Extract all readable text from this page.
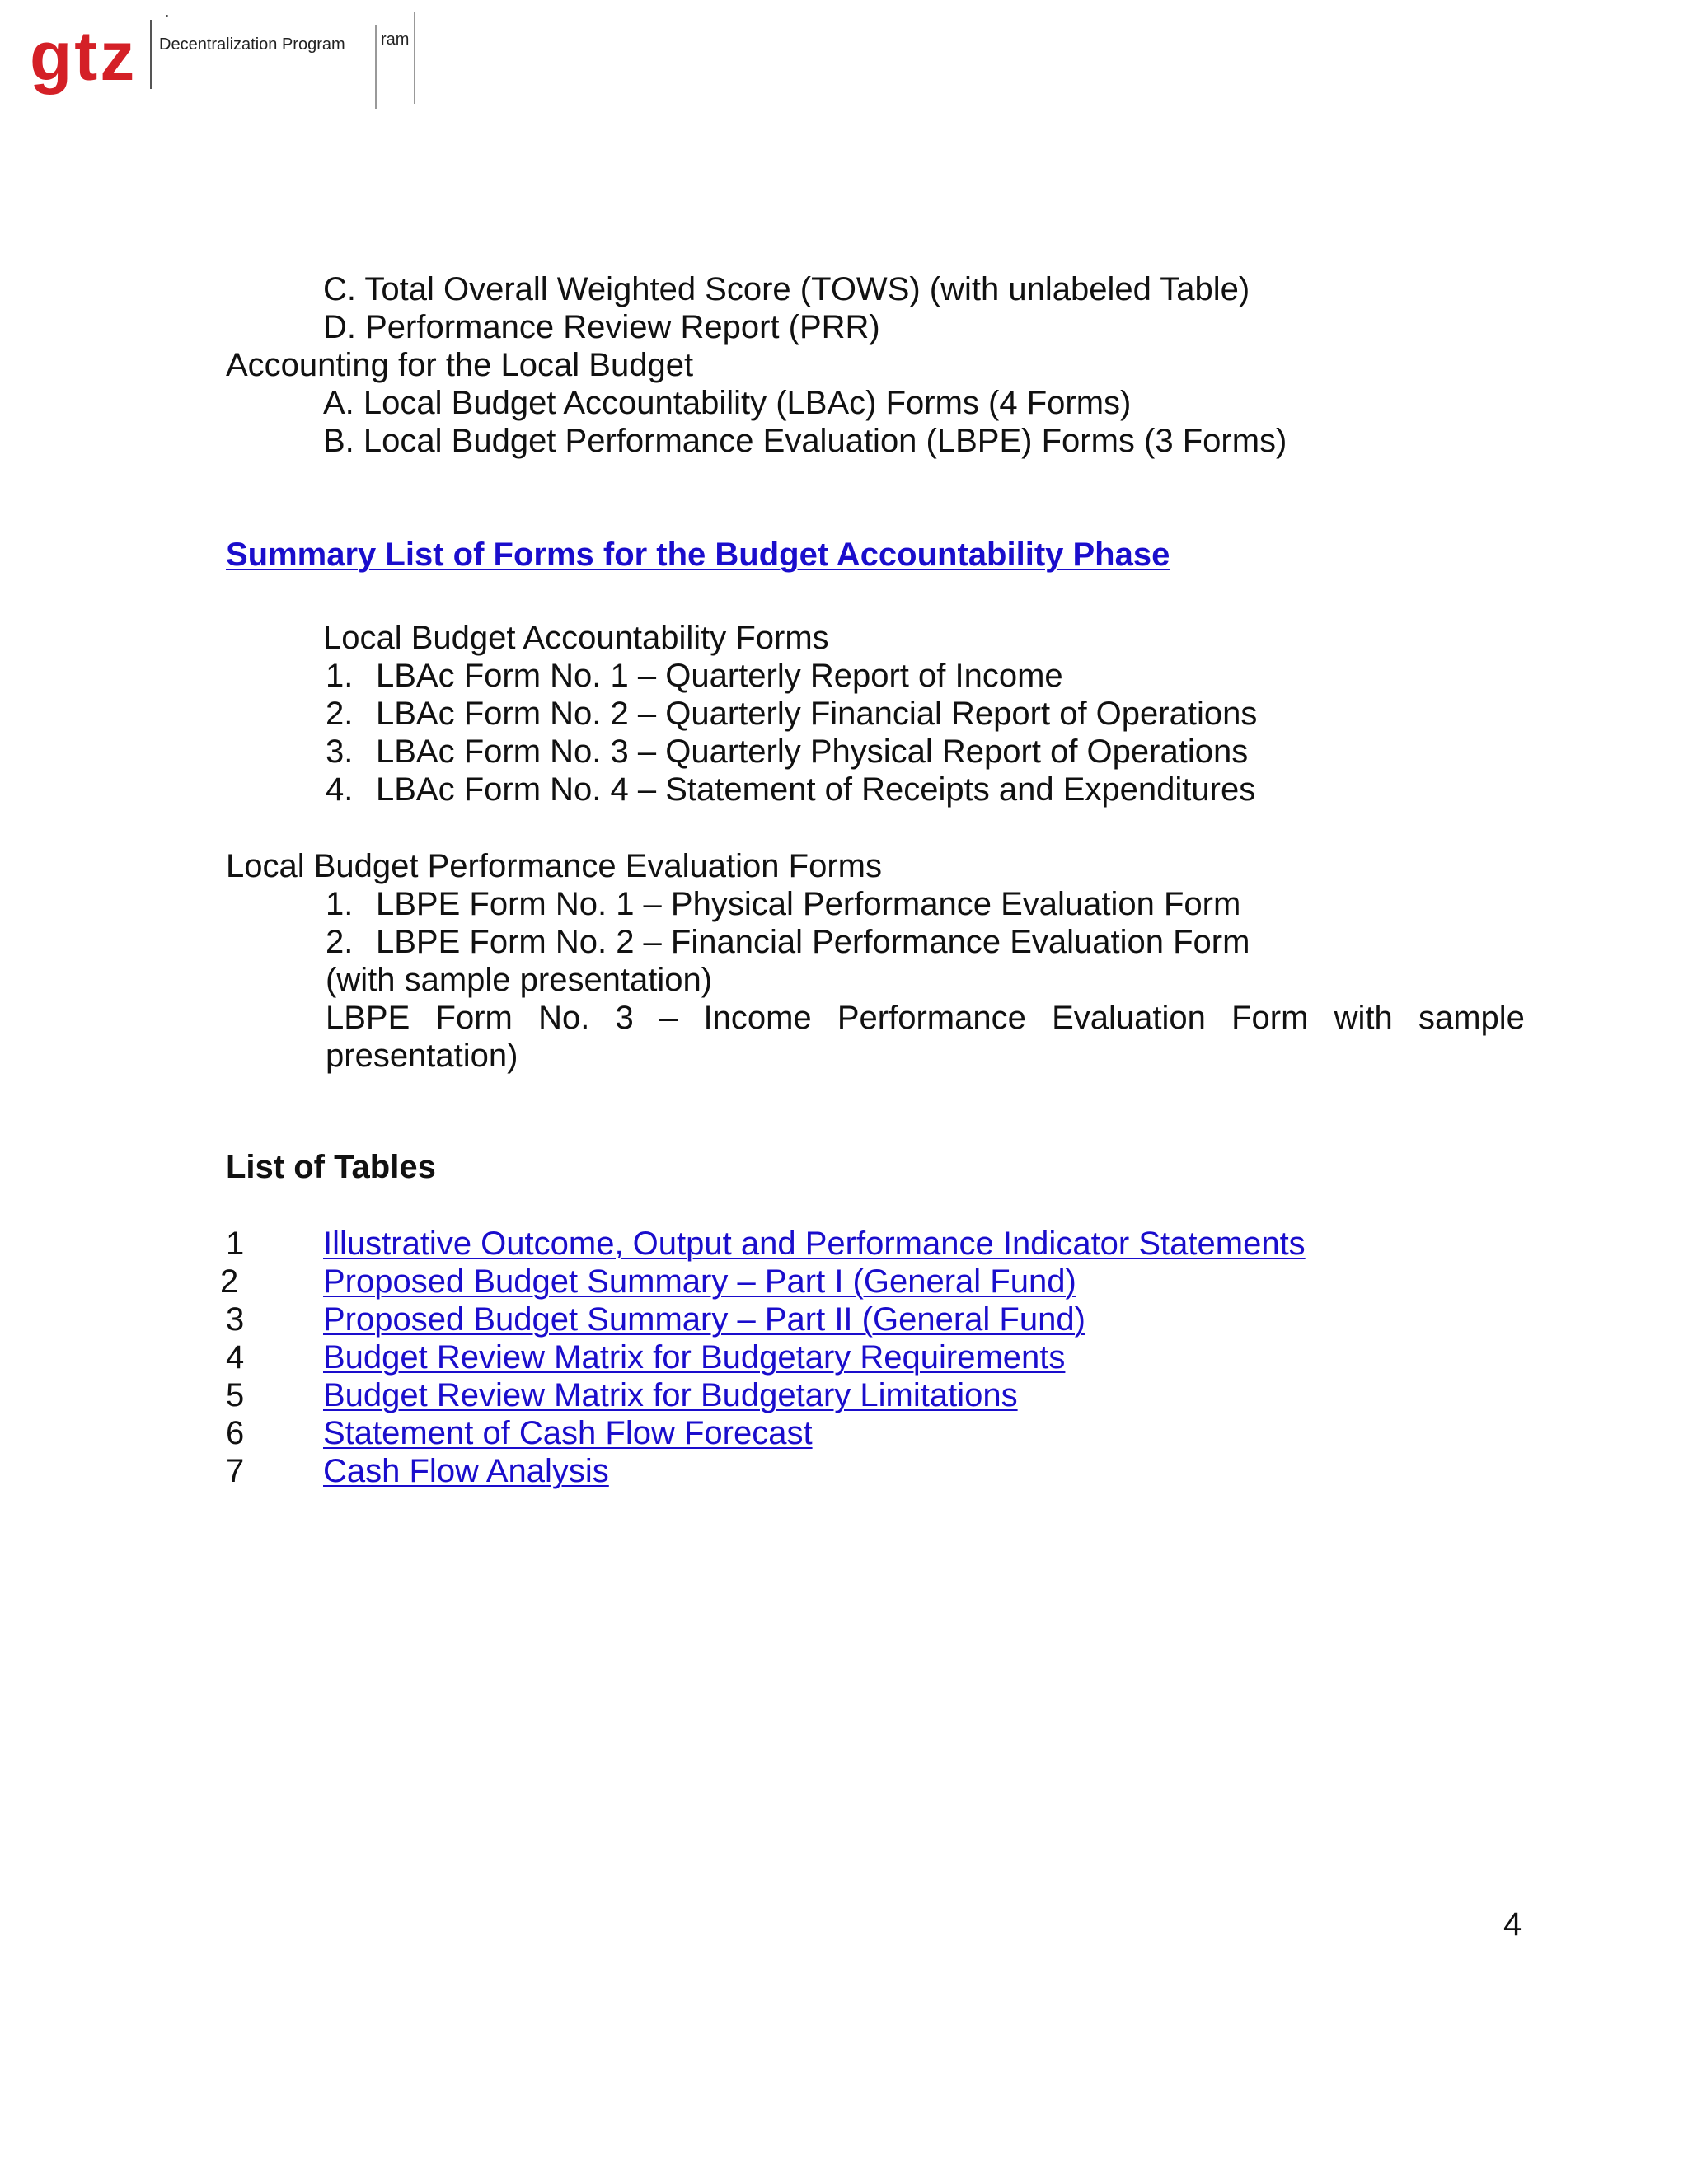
gtz Decentralization Program ram
C. Total Overall Weighted Score (TOWS) (with unlabeled Table)
D. Performance Review Report (PRR)
Accounting for the Local Budget
A. Local Budget Accountability (LBAc) Forms (4 Forms)
B. Local Budget Performance Evaluation (LBPE) Forms (3 Forms)
Summary List of Forms for the Budget Accountability Phase
Local Budget Accountability Forms
1. LBAc Form No. 1 – Quarterly Report of Income
2. LBAc Form No. 2 – Quarterly Financial Report of Operations
3. LBAc Form No. 3 – Quarterly Physical Report of Operations
4. LBAc Form No. 4 – Statement of Receipts and Expenditures
Local Budget Performance Evaluation Forms
1. LBPE Form No. 1 – Physical Performance Evaluation Form
2. LBPE Form No. 2 – Financial Performance Evaluation Form
(with sample presentation)
LBPE Form No. 3 – Income Performance Evaluation Form with sample
presentation)
List of Tables
1 Illustrative Outcome, Output and Performance Indicator Statements
2	Proposed Budget Summary – Part I (General Fund)
3 Proposed Budget Summary – Part II (General Fund)
4 Budget Review Matrix for Budgetary Requirements
5 Budget Review Matrix for Budgetary Limitations
6 Statement of Cash Flow Forecast
7 Cash Flow Analysis
4
